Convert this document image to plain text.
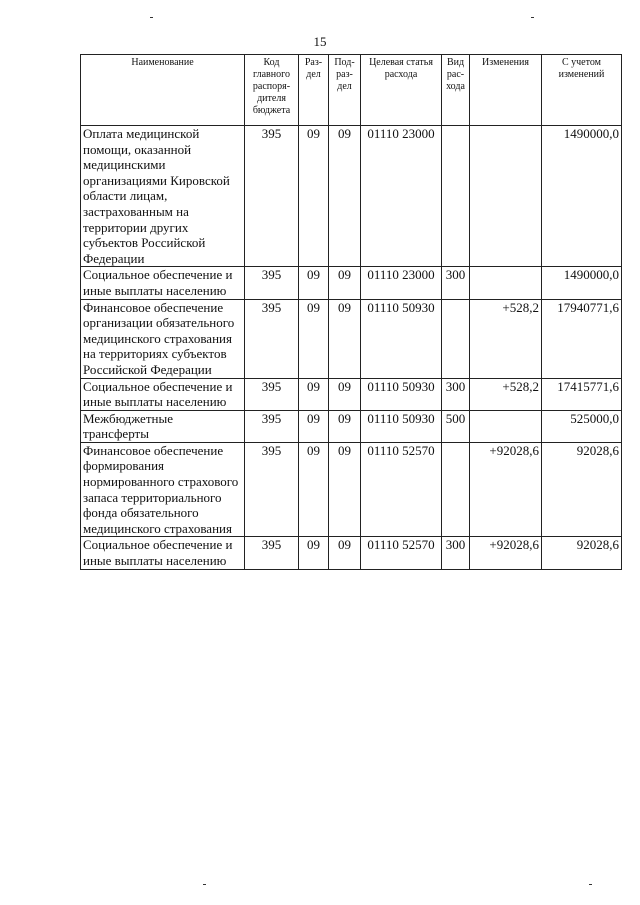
15
Наименование	Код главного распоря-дителя бюджета	Раз-дел	Под-раз-дел	Целевая статья расхода	Вид рас-хода	Изменения	С учетом изменений
Оплата медицинской помощи, оказанной медицинскими организациями Кировской области лицам, застрахованным на территории других субъектов Российской Федерации	395	09	09	01110 23000			1490000,0
Социальное обеспечение и иные выплаты населению	395	09	09	01110 23000	300		1490000,0
Финансовое обеспечение организации обязательного медицинского страхования на территориях субъектов Российской Федерации	395	09	09	01110 50930		+528,2	17940771,6
Социальное обеспечение и иные выплаты населению	395	09	09	01110 50930	300	+528,2	17415771,6
Межбюджетные трансферты	395	09	09	01110 50930	500		525000,0
Финансовое обеспечение формирования нормированного страхового запаса территориального фонда обязательного медицинского страхования	395	09	09	01110 52570		+92028,6	92028,6
Социальное обеспечение и иные выплаты населению	395	09	09	01110 52570	300	+92028,6	92028,6
